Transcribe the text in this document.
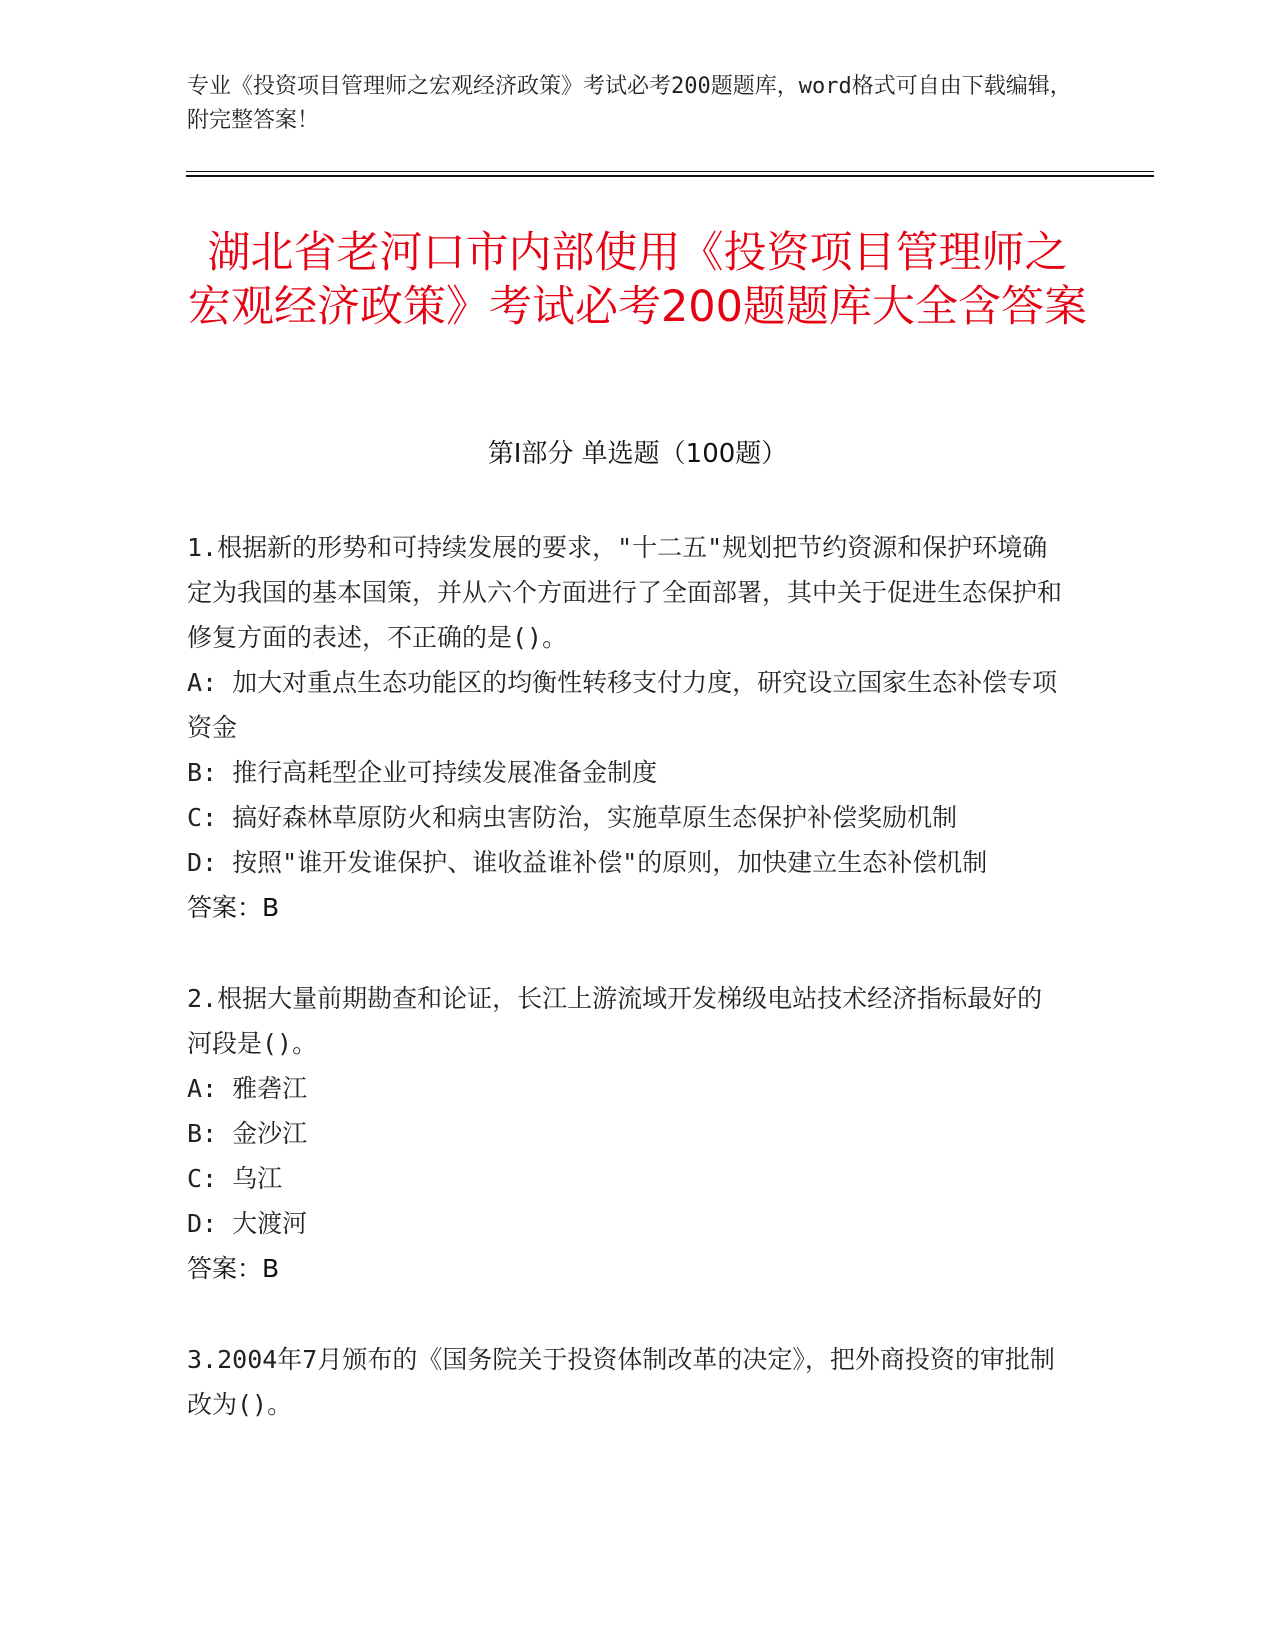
专业《投资项目管理师之宏观经济政策》考试必考200题题库，word格式可自由下载编辑，附完整答案！
湖北省老河口市内部使用《投资项目管理师之宏观经济政策》考试必考200题题库大全含答案
第Ⅰ部分 单选题（100题）

1.根据新的形势和可持续发展的要求，"十二五"规划把节约资源和保护环境确定为我国的基本国策，并从六个方面进行了全面部署，其中关于促进生态保护和修复方面的表述，不正确的是()。

A: 加大对重点生态功能区的均衡性转移支付力度，研究设立国家生态补偿专项资金

B: 推行高耗型企业可持续发展准备金制度

C: 搞好森林草原防火和病虫害防治，实施草原生态保护补偿奖励机制

D: 按照"谁开发谁保护、谁收益谁补偿"的原则，加快建立生态补偿机制

答案：B

2.根据大量前期勘查和论证，长江上游流域开发梯级电站技术经济指标最好的河段是()。

A: 雅砻江

B: 金沙江

C: 乌江

D: 大渡河

答案：B

3.2004年7月颁布的《国务院关于投资体制改革的决定》，把外商投资的审批制改为()。
